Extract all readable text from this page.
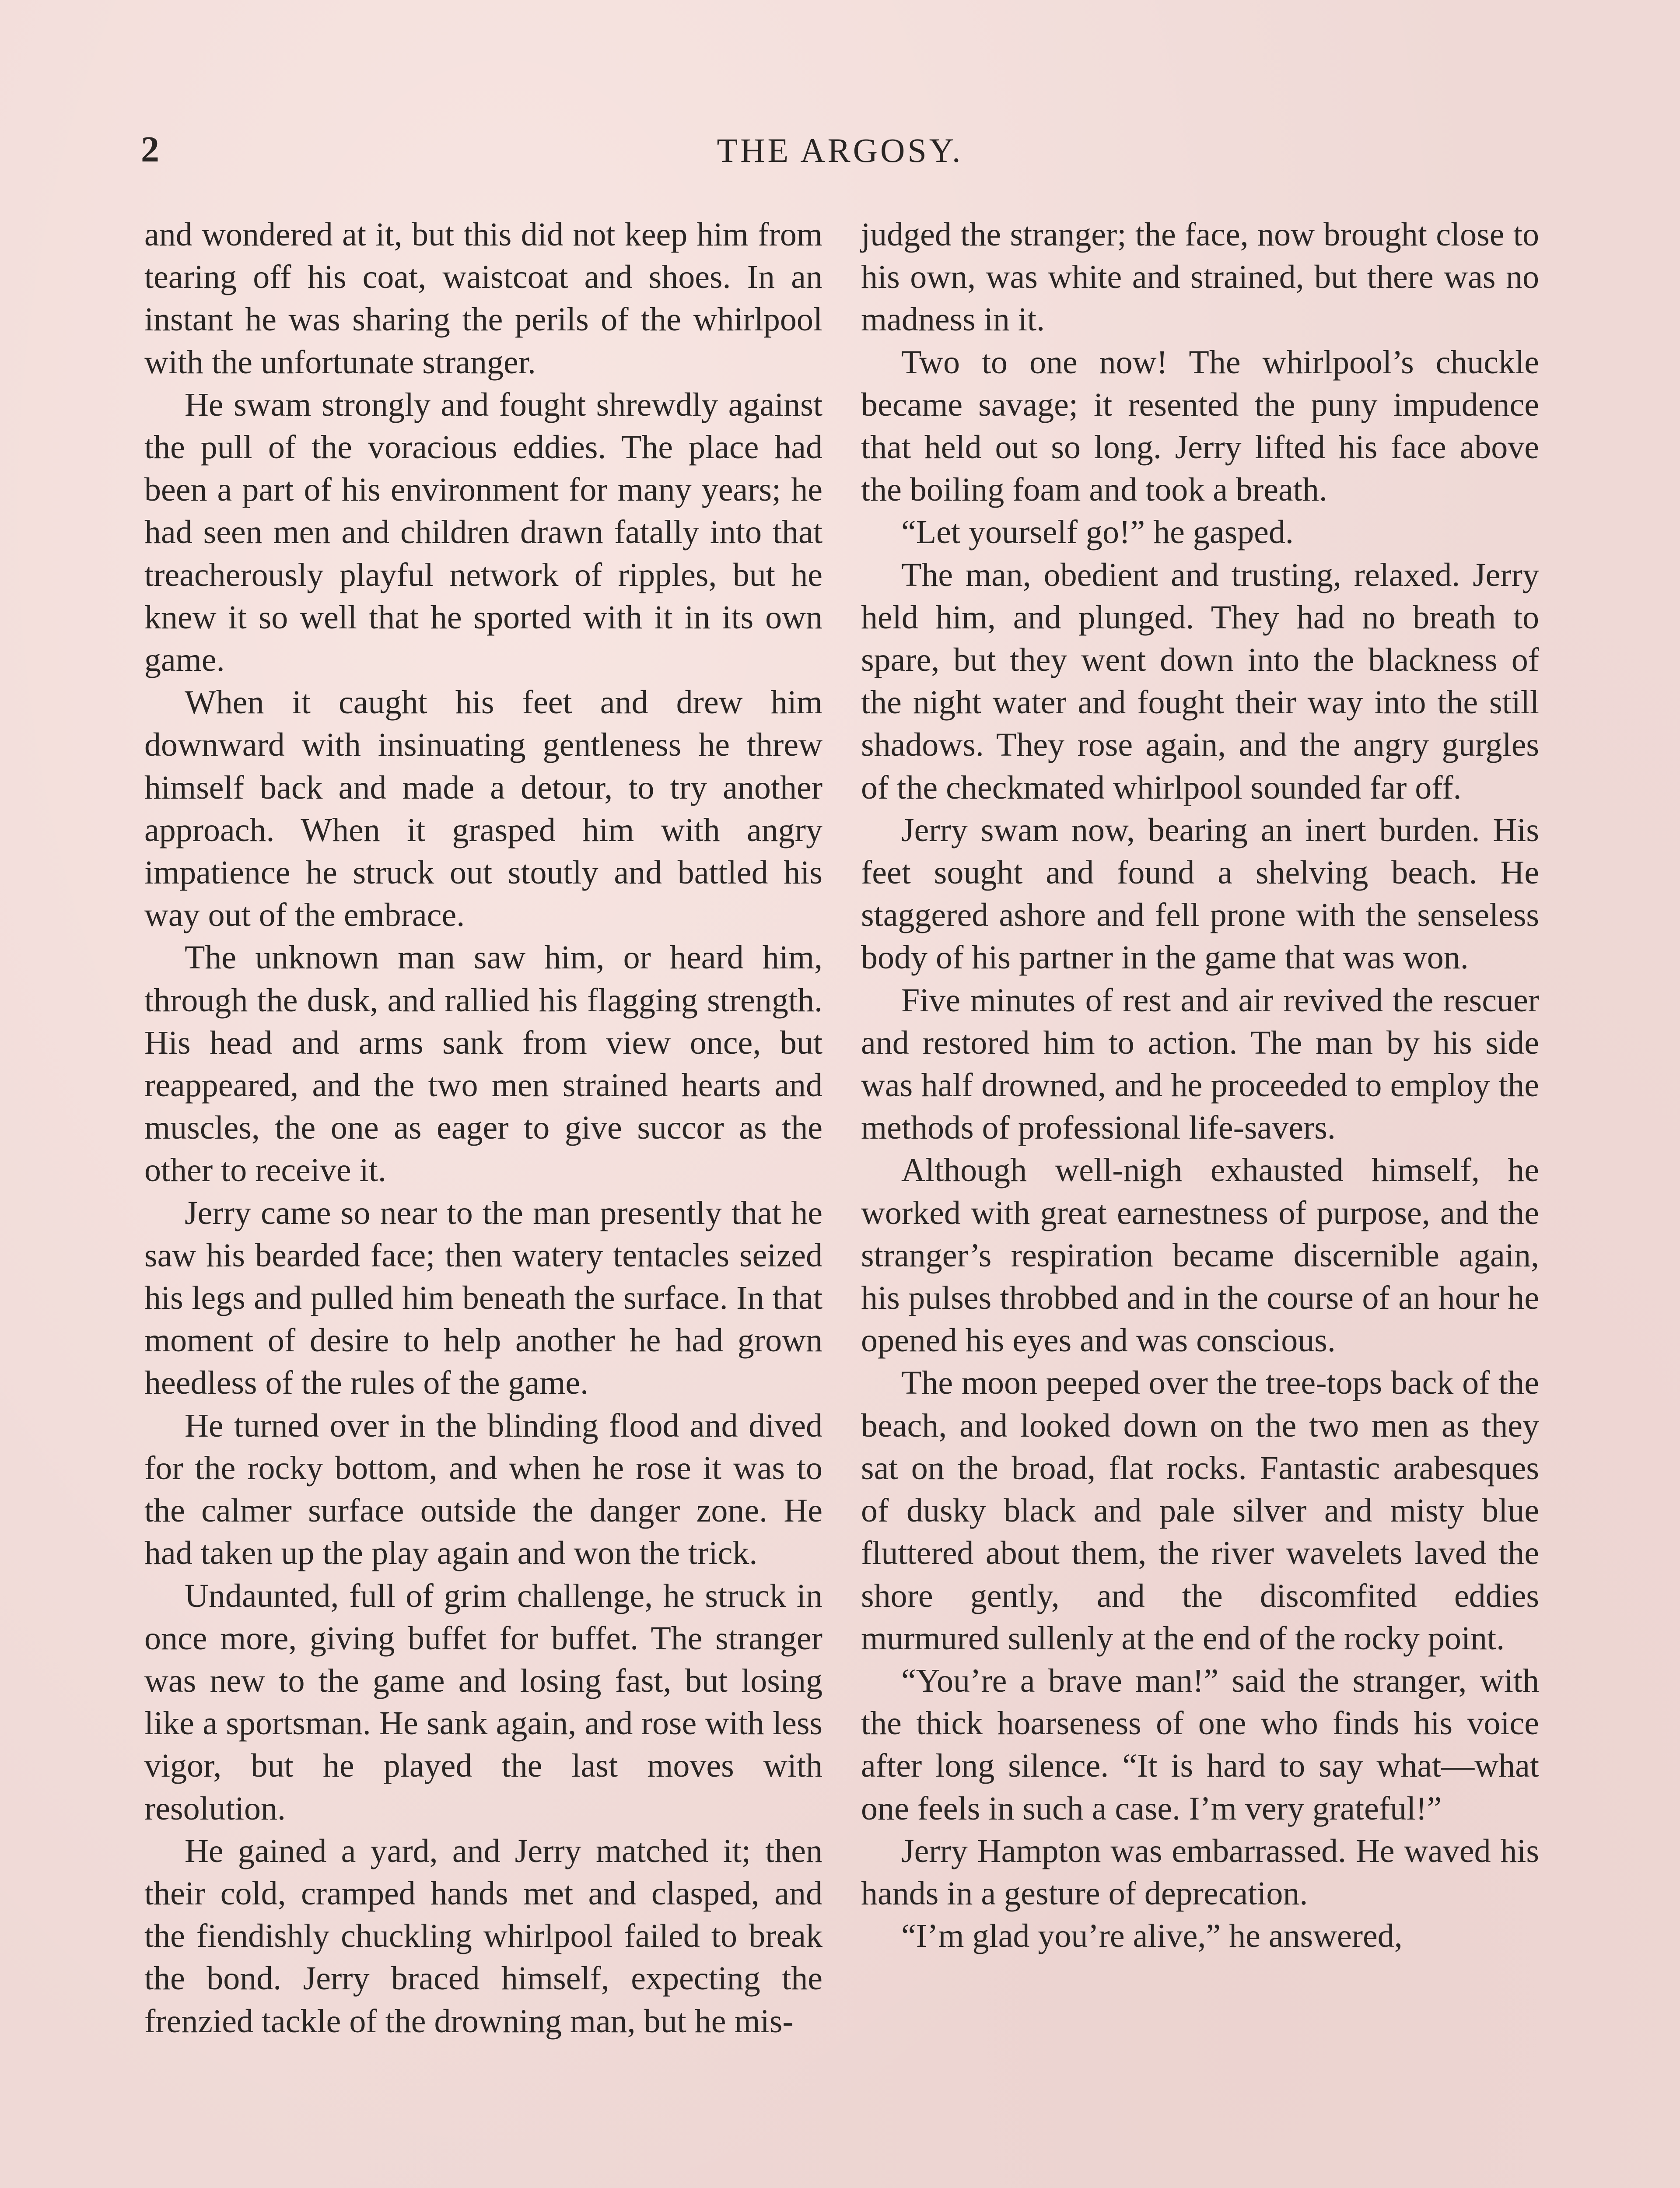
2	THE ARGOSY.

and wondered at it, but this did not keep him from tearing off his coat, waistcoat and shoes. In an instant he was sharing the perils of the whirlpool with the unfortunate stranger.

He swam strongly and fought shrewdly against the pull of the voracious eddies. The place had been a part of his environment for many years; he had seen men and children drawn fatally into that treacherously playful network of ripples, but he knew it so well that he sported with it in its own game.

When it caught his feet and drew him downward with insinuating gentleness he threw himself back and made a detour, to try another approach. When it grasped him with angry impatience he struck out stoutly and battled his way out of the embrace.

The unknown man saw him, or heard him, through the dusk, and rallied his flagging strength. His head and arms sank from view once, but reappeared, and the two men strained hearts and muscles, the one as eager to give succor as the other to receive it.

Jerry came so near to the man presently that he saw his bearded face; then watery tentacles seized his legs and pulled him beneath the surface. In that moment of desire to help another he had grown heedless of the rules of the game.

He turned over in the blinding flood and dived for the rocky bottom, and when he rose it was to the calmer surface outside the danger zone. He had taken up the play again and won the trick.

Undaunted, full of grim challenge, he struck in once more, giving buffet for buffet. The stranger was new to the game and losing fast, but losing like a sportsman. He sank again, and rose with less vigor, but he played the last moves with resolution.

He gained a yard, and Jerry matched it; then their cold, cramped hands met and clasped, and the fiendishly chuckling whirlpool failed to break the bond. Jerry braced himself, expecting the frenzied tackle of the drowning man, but he mis-

judged the stranger; the face, now brought close to his own, was white and strained, but there was no madness in it.

Two to one now! The whirlpool’s chuckle became savage; it resented the puny impudence that held out so long. Jerry lifted his face above the boiling foam and took a breath.

“Let yourself go!” he gasped.

The man, obedient and trusting, relaxed. Jerry held him, and plunged. They had no breath to spare, but they went down into the blackness of the night water and fought their way into the still shadows. They rose again, and the angry gurgles of the checkmated whirlpool sounded far off.

Jerry swam now, bearing an inert burden. His feet sought and found a shelving beach. He staggered ashore and fell prone with the senseless body of his partner in the game that was won.

Five minutes of rest and air revived the rescuer and restored him to action. The man by his side was half drowned, and he proceeded to employ the methods of professional life-savers.

Although well-nigh exhausted himself, he worked with great earnestness of purpose, and the stranger’s respiration became discernible again, his pulses throbbed and in the course of an hour he opened his eyes and was conscious.

The moon peeped over the tree-tops back of the beach, and looked down on the two men as they sat on the broad, flat rocks. Fantastic arabesques of dusky black and pale silver and misty blue fluttered about them, the river wavelets laved the shore gently, and the discomfited eddies murmured sullenly at the end of the rocky point.

“You’re a brave man!” said the stranger, with the thick hoarseness of one who finds his voice after long silence. “It is hard to say what—what one feels in such a case. I’m very grateful!”

Jerry Hampton was embarrassed. He waved his hands in a gesture of deprecation.

“I’m glad you’re alive,” he answered,
